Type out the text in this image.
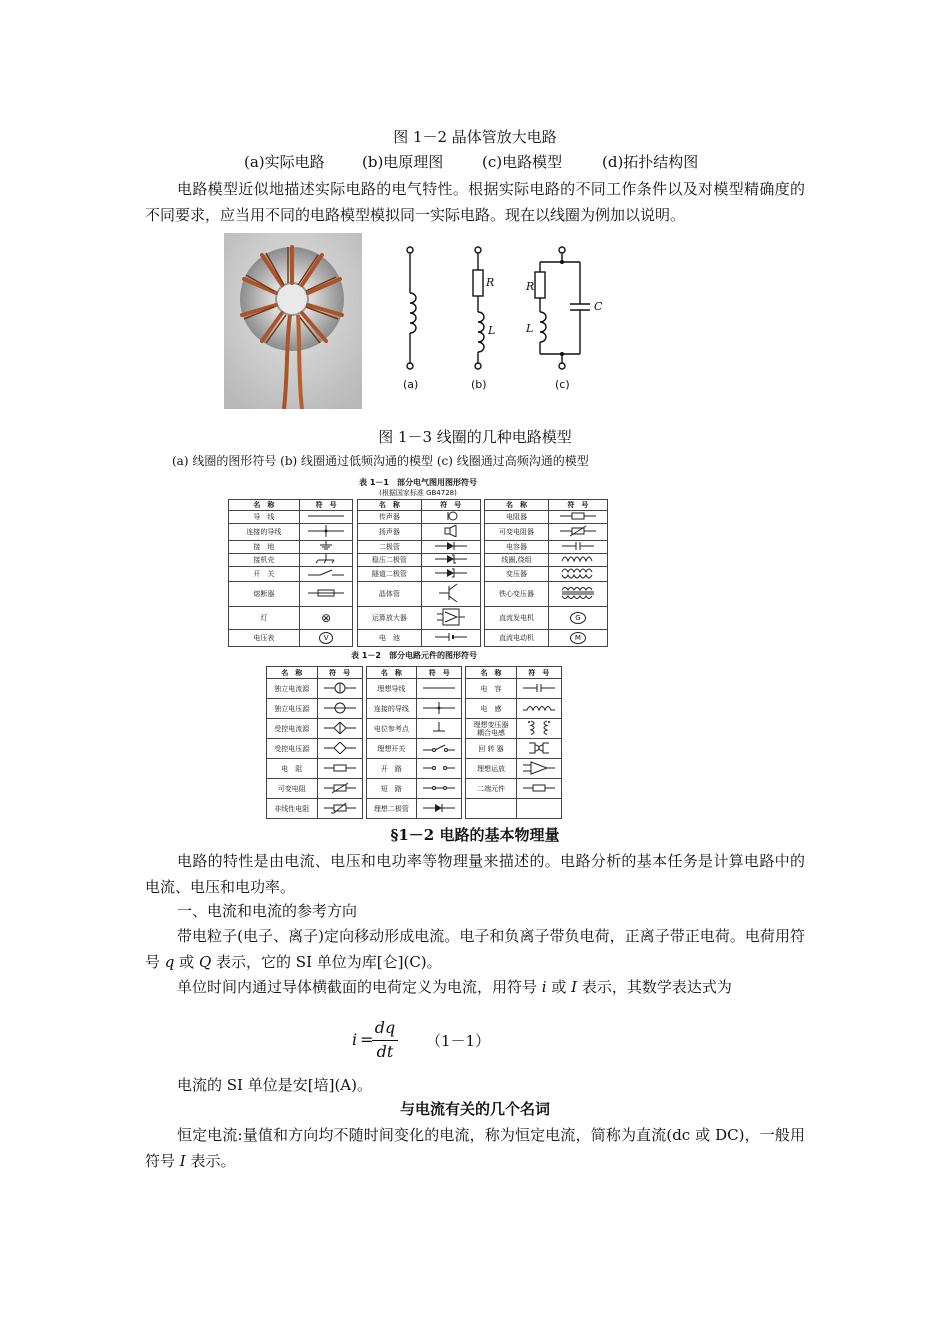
图 1－2 晶体管放大电路
(a)实际电路 (b)电原理图	(c)电路模型	(d)拓扑结构图
电路模型近似地描述实际电路的电气特性。根据实际电路的不同工作条件以及对模型精确度的不同要求，应当用不同的电路模型模拟同一实际电路。现在以线圈为例加以说明。
R
L
R
L
C
(a)	(b)	(c)
图 1－3 线圈的几种电路模型
(a) 线圈的图形符号 (b) 线圈通过低频沟通的模型 (c) 线圈通过高频沟通的模型
表 1－1　部分电气图用图形符号
(根据国家标准 GB4728)
名　称	符　号		名　称	符　号		名　称	符　号
导　线			传声器			电阻器	
连接的导线			扬声器			可变电阻器	
接　地			二极管			电容器	
接机壳			稳压二极管			线圈,绕组	
开　关			隧道二极管			变压器	
熔断器			晶体管			铁心变压器	
灯	⊗		运算放大器			直流发电机	G
电压表	V		电　池			直流电动机	M
表 1－2　部分电路元件的图形符号
名　称	符　号		名　称	符　号		名　称	符　号
独立电流源			理想导线			电　容	
独立电压源			连接的导线			电　感	
受控电流源			电位参考点			理想变压器
耦合电感	
受控电压源			理想开关			回 转 器	
电　阻			开　路			理想运放	
可变电阻			短　路			二端元件	
非线性电阻			理想二极管				
§1－2 电路的基本物理量
电路的特性是由电流、电压和电功率等物理量来描述的。电路分析的基本任务是计算电路中的电流、电压和电功率。
一、电流和电流的参考方向
带电粒子(电子、离子)定向移动形成电流。电子和负离子带负电荷，正离子带正电荷。电荷用符号 q 或 Q 表示，它的 SI 单位为库[仑](C)。
单位时间内通过导体横截面的电荷定义为电流，用符号 i 或 I 表示，其数学表达式为
i =
dq
dt
（1－1）
电流的 SI 单位是安[培](A)。
与电流有关的几个名词
恒定电流:量值和方向均不随时间变化的电流，称为恒定电流，简称为直流(dc 或 DC)，一般用符号 I 表示。
